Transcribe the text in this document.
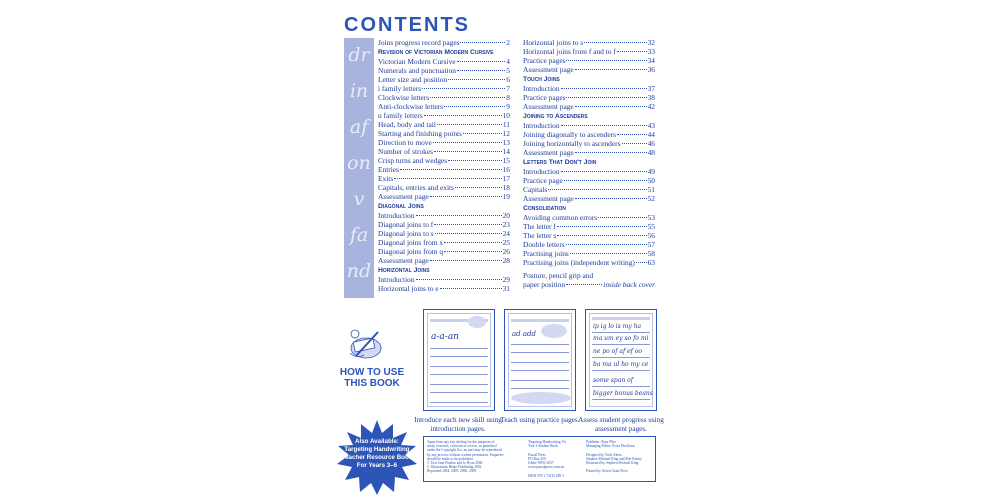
CONTENTS
dr
in
af
on
v
fa
nd
Joins progress record pages	2
Revision of Victorian Modern Cursive
Victorian Modern Cursive	4
Numerals and punctuation	5
Letter size and position	6
i family letters	7
Clockwise letters	8
Anti-clockwise letters	9
u family letters	10
Head, body and tail	11
Starting and finishing points	12
Direction to move	13
Number of strokes	14
Crisp turns and wedges	15
Entries	16
Exits	17
Capitals, entries and exits	18
Assessment page	19
Diagonal Joins
Introduction	20
Diagonal joins to f	23
Diagonal joins to s	24
Diagonal joins from x	25
Diagonal joins from q	26
Assessment page	28
Horizontal Joins
Introduction	29
Horizontal joins to e	31
Horizontal joins to s	32
Horizontal joins from f and to f	33
Practice pages	34
Assessment page	36
Touch Joins
Introduction	37
Practice pages	38
Assessment page	42
Joining to Ascenders
Introduction	43
Joining diagonally to ascenders	44
Joining horizontally to ascenders	46
Assessment page	48
Letters That Don't Join
Introduction	49
Practice page	50
Capitals	51
Assessment page	52
Consolidation
Avoiding common errors	53
The letter f	55
The letter s	56
Double letters	57
Practising joins	58
Practising joins (independent writing) 63
Posture, pencil grip and
paper position	inside back cover
HOW TO USE
THIS BOOK
a-a-an	ad add
ip ig lo is my ha
ma um ey so fo mi
ne po of af ef oo
ba ma ul ho my ce
some span of
bigger bonus beans
Introduce each new skill using introduction pages.
Teach using practice pages.
Assess student progress using assessment pages.
Also Available:
Targeting Handwriting
Teacher Resource Book
For Years 3–6
Apart from any fair dealing for the purposes of
study, research, criticism or review, as permitted
under the Copyright Act, no part may be reproduced
by any process without written permission. Enquiries
should be made to the publisher.
© Text Jane Pinsker and Jo Ryan 2004
© Illustrations Blake Publishing 2002
Reprinted 2004, 2005, 2006, 2009
Targeting Handwriting Vic
Year 3 Student Book

Pascal Press
PO Box 250
Glebe NSW 2037
www.pascalpress.com.au

ISBN 978 1 74125 085 5
Publisher: Katy Pike
Managing Editor: Erica Doolhorn

Designed by Trish Akers,
Stephen Michael King and Rob Kenny
Illustrated by Stephen Michael King

Printed by Green Giant Press
